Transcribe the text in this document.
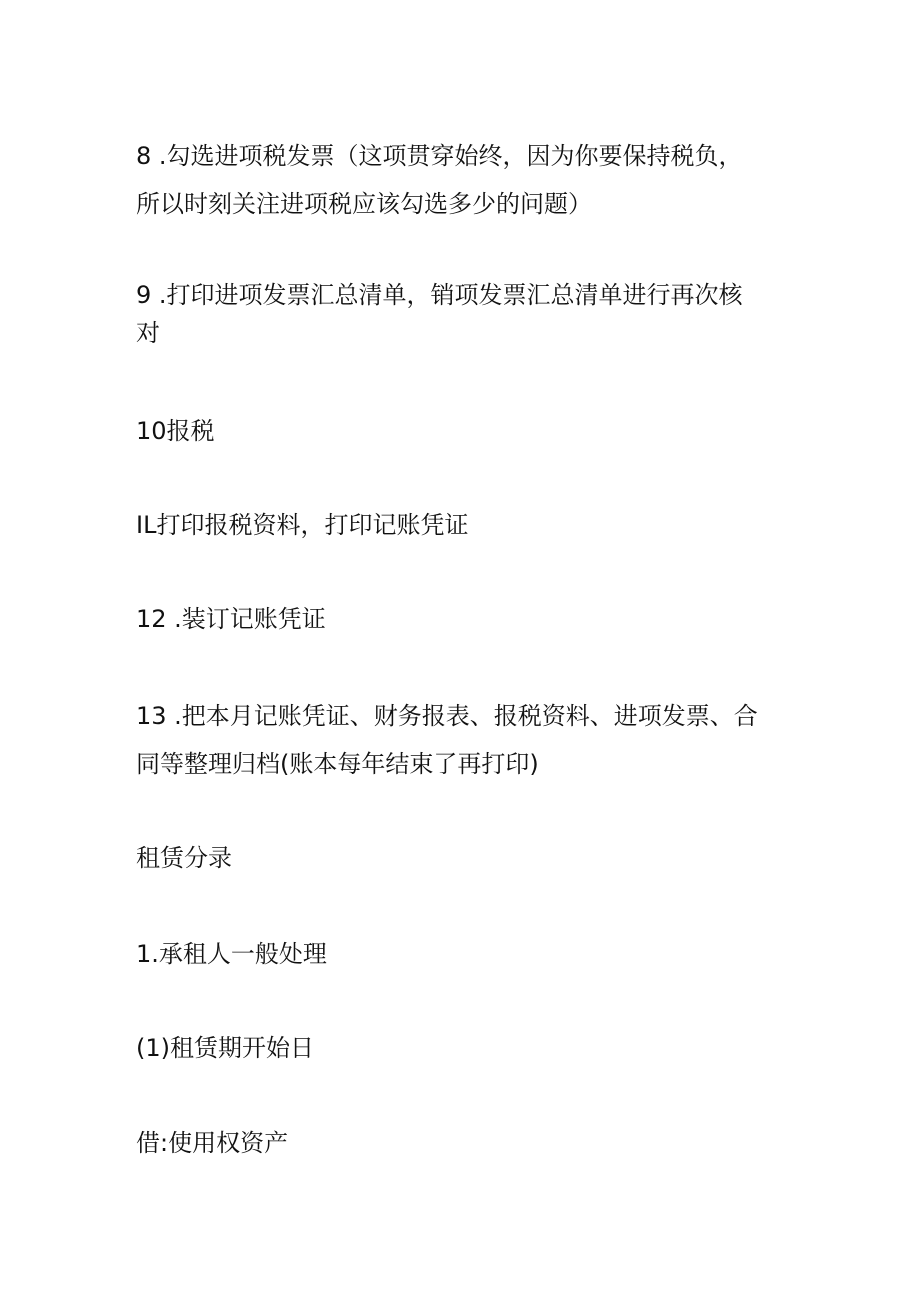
8 .勾选进项税发票（这项贯穿始终，因为你要保持税负，
所以时刻关注进项税应该勾选多少的问题）
9 .打印进项发票汇总清单，销项发票汇总清单进行再次核
对
10报税
IL打印报税资料，打印记账凭证
12 .装订记账凭证
13 .把本月记账凭证、财务报表、报税资料、进项发票、合
同等整理归档(账本每年结束了再打印)
租赁分录
1.承租人一般处理
(1)租赁期开始日
借:使用权资产
